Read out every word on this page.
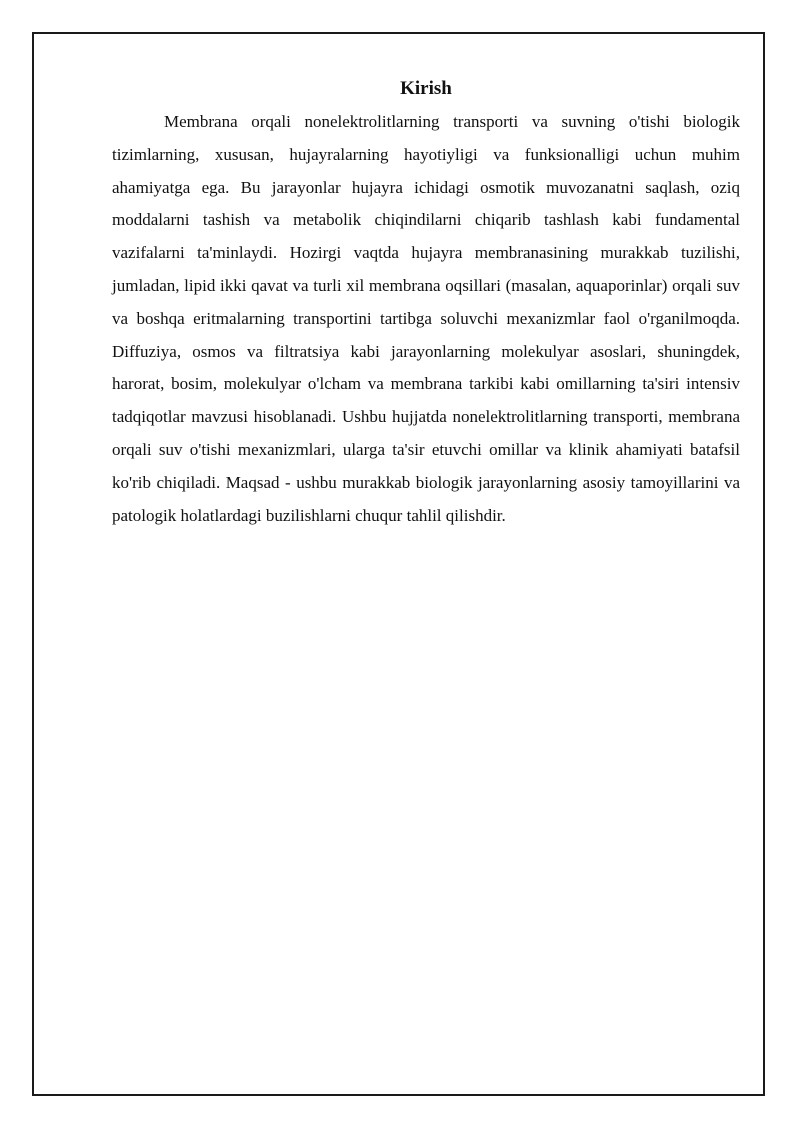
Kirish

Membrana orqali nonelektrolitlarning transporti va suvning o'tishi biologik tizimlarning, xususan, hujayralarning hayotiyligi va funksionalligi uchun muhim ahamiyatga ega. Bu jarayonlar hujayra ichidagi osmotik muvozanatni saqlash, oziq moddalarni tashish va metabolik chiqindilarni chiqarib tashlash kabi fundamental vazifalarni ta'minlaydi. Hozirgi vaqtda hujayra membranasining murakkab tuzilishi, jumladan, lipid ikki qavat va turli xil membrana oqsillari (masalan, aquaporinlar) orqali suv va boshqa eritmalarning transportini tartibga soluvchi mexanizmlar faol o'rganilmoqda. Diffuziya, osmos va filtratsiya kabi jarayonlarning molekulyar asoslari, shuningdek, harorat, bosim, molekulyar o'lcham va membrana tarkibi kabi omillarning ta'siri intensiv tadqiqotlar mavzusi hisoblanadi. Ushbu hujjatda nonelektrolitlarning transporti, membrana orqali suv o'tishi mexanizmlari, ularga ta'sir etuvchi omillar va klinik ahamiyati batafsil ko'rib chiqiladi. Maqsad - ushbu murakkab biologik jarayonlarning asosiy tamoyillarini va patologik holatlardagi buzilishlarni chuqur tahlil qilishdir.
